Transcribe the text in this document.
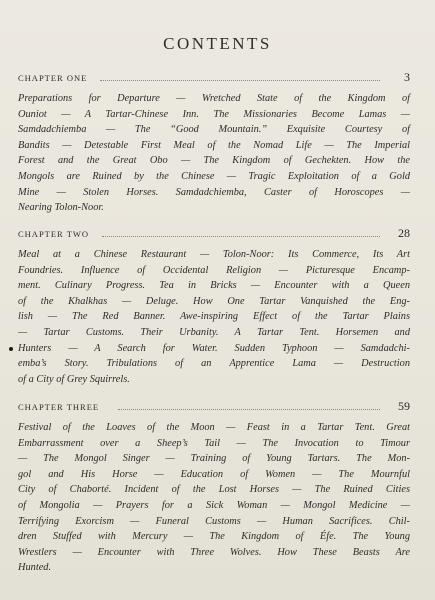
CONTENTS
CHAPTER ONE	3
Preparations for Departure — Wretched State of the Kingdom of
Ouniot — A Tartar-Chinese Inn. The Missionaries Become Lamas —
Samdadchiemba — The “Good Mountain.” Exquisite Courtesy of
Bandits — Detestable First Meal of the Nomad Life — The Imperial
Forest and the Great Obo — The Kingdom of Gechekten. How the
Mongols are Ruined by the Chinese — Tragic Exploitation of a Gold
Mine — Stolen Horses. Samdadchiemba, Caster of Horoscopes —
Nearing Tolon-Noor.
CHAPTER TWO	28
Meal at a Chinese Restaurant — Tolon-Noor: Its Commerce, Its Art
Foundries. Influence of Occidental Religion — Picturesque Encamp-
ment. Culinary Progress. Tea in Bricks — Encounter with a Queen
of the Khalkhas — Deluge. How One Tartar Vanquished the Eng-
lish — The Red Banner. Awe-inspiring Effect of the Tartar Plains
— Tartar Customs. Their Urbanity. A Tartar Tent. Horsemen and
Hunters — A Search for Water. Sudden Typhoon — Samdadchi-
emba’s Story. Tribulations of an Apprentice Lama — Destruction
of a City of Grey Squirrels.
CHAPTER THREE	59
Festival of the Loaves of the Moon — Feast in a Tartar Tent. Great
Embarrassment over a Sheep’s Tail — The Invocation to Timour
— The Mongol Singer — Training of Young Tartars. The Mon-
gol and His Horse — Education of Women — The Mournful
City of Chaborté. Incident of the Lost Horses — The Ruined Cities
of Mongolia — Prayers for a Sick Woman — Mongol Medicine —
Terrifying Exorcism — Funeral Customs — Human Sacrifices. Chil-
dren Stuffed with Mercury — The Kingdom of Éfe. The Young
Wrestlers — Encounter with Three Wolves. How These Beasts Are
Hunted.
